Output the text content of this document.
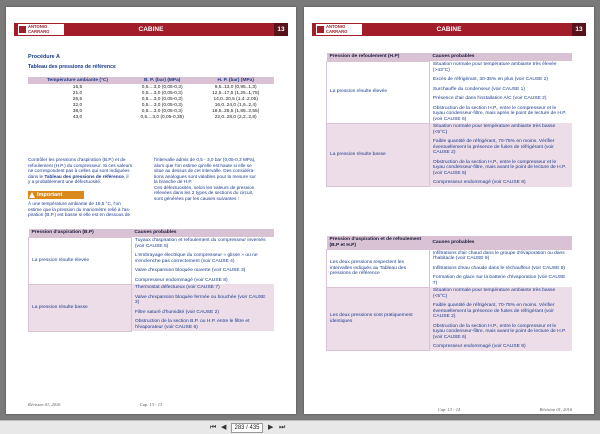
ANTONIO CARRARO	CABINE	13
Procédure A
Tableau des pressions de référence
Température ambiante (°C)	B. P. (bar) (MPa)	H. P. (bar) (MPa)
15,5	0,5....3,0 (0,05-0,3)	9,5..13,0 (0,95..1,3)
21,0	0,5....3,0 (0,05-0,3)	12,5..17,5 (1,25..1,75)
26,5	0,5....3,0 (0,05-0,3)	14,0..20,5 (1,4..2,05)
32,0	0,5....3,0 (0,05-0,3)	16,0..24,0 (1,6..2,4)
38,0	0,5....3,0 (0,05-0,3)	18,5..25,5 (1,85..2,55)
43,0	0,5....3,0 (0,05-0,35)	22,0..28,0 (2,2..2,8)
Contrôler les pressions d'aspiration (B.P.) et de
refoulement (H.P.) du compresseur. Si ces valeurs
ne correspondent pas à celles qui sont indiquées
dans le Tableau des pressions de référence, il
y a probablement une défectuosité.
Important
À une température ambiante de 15,5 °C, l'on
estime que la pression du manomètre relié à l'as-
piration (B.P.) est basse si elle est en dessous de
l'intervalle admis de 0,5 - 3,0 bar (0,05-0,3 MPa),
alors que l'on estime qu'elle est haute si elle se
situe au dessus de cet intervalle. Des considéra-
tions analogues sont valables pour la mesure sur
la branche de H.P.
Ces défectuosités, selon les valeurs de pression
relevées dans les 2 types de sections du circuit,
sont générées par les causes suivantes :
Pression d'aspiration (B.P)	Causes probables
La pression résulte élevée	Tuyaux d'aspiration et refoulement du compresseur inversés (voir CAUSE 5)
L'embrayage électrique du compresseur « glisse » ou ne s'enclenche pas correctement (voir CAUSE 4)
Valve d'expansion bloquée ouverte (voir CAUSE 3)
Compresseur endommagé (voir CAUSE 8)

La pression résulte basse	Thermostat défectueux (voir CAUSE 7)
Valve d'expansion bloquée fermée ou bouchée (voir CAUSE 3)
Filtre saturé d'humidité (voir CAUSE 2)
Obstruction de la section B.P. ou H.P. entre le filtre et l'évaporateur (voir CAUSE 6)
Révision 01, 2016	Cap. 13 - 13
ANTONIO CARRARO	CABINE	13
Pression de refoulement (H.P)	Causes probables
La pression résulte élevée	Situation normale pour température ambiante très élevée (>43°C)
Excès de réfrigérant, 30-35% en plus (voir CAUSE 2)
Surchauffe du condenseur (voir CAUSE 1)
Présence d'air dans l'installation A/C (voir CAUSE 2)
Obstruction de la section H.P., entre le compresseur et le tuyau condenseur-filtre, mais après le point de lecture de H.P. (voir CAUSE 6)

La pression résulte basse	Situation normale pour température ambiante très basse (<5°C)
Faible quantité de réfrigérant, 70-75% en moins. Vérifier éventuellement la présence de fuites de réfrigérant (voir CAUSE 2)
Obstruction de la section H.P., entre le compresseur et le tuyau condenseur-filtre, mais avant le point de lecture de H.P. (voir CAUSE 6)
Compresseur endommagé (voir CAUSE 8)
Pression d'aspiration et de refoulement (B.P et H.P)	Causes probables
Les deux pressions respectent les intervalles indiqués au Tableau des pressions de référence	Infiltrations d'air chaud dans le groupe d'évaporation ou dans l'habitacle (voir CAUSE 9)
Infiltrations d'eau chaude dans le réchauffeur (voir CAUSE 9)
Formation de glace sur la batterie d'évaporation (voir CAUSE 7)

Les deux pressions sont pratiquement identiques	Situation normale pour température ambiante très basse (<5°C)
Faible quantité de réfrigérant, 70-75% en moins. Vérifier éventuellement la présence de fuites de réfrigérant (voir CAUSE 2)
Obstruction de la section H.P., entre le compresseur et le tuyau condenseur-filtre, mais avant le point de lecture de H.P. (voir CAUSE 6)
Compresseur endommagé (voir CAUSE 8)
Cap. 13 - 14	Révision 01, 2016
⏮ ◀	283 / 435	▶ ⏭
